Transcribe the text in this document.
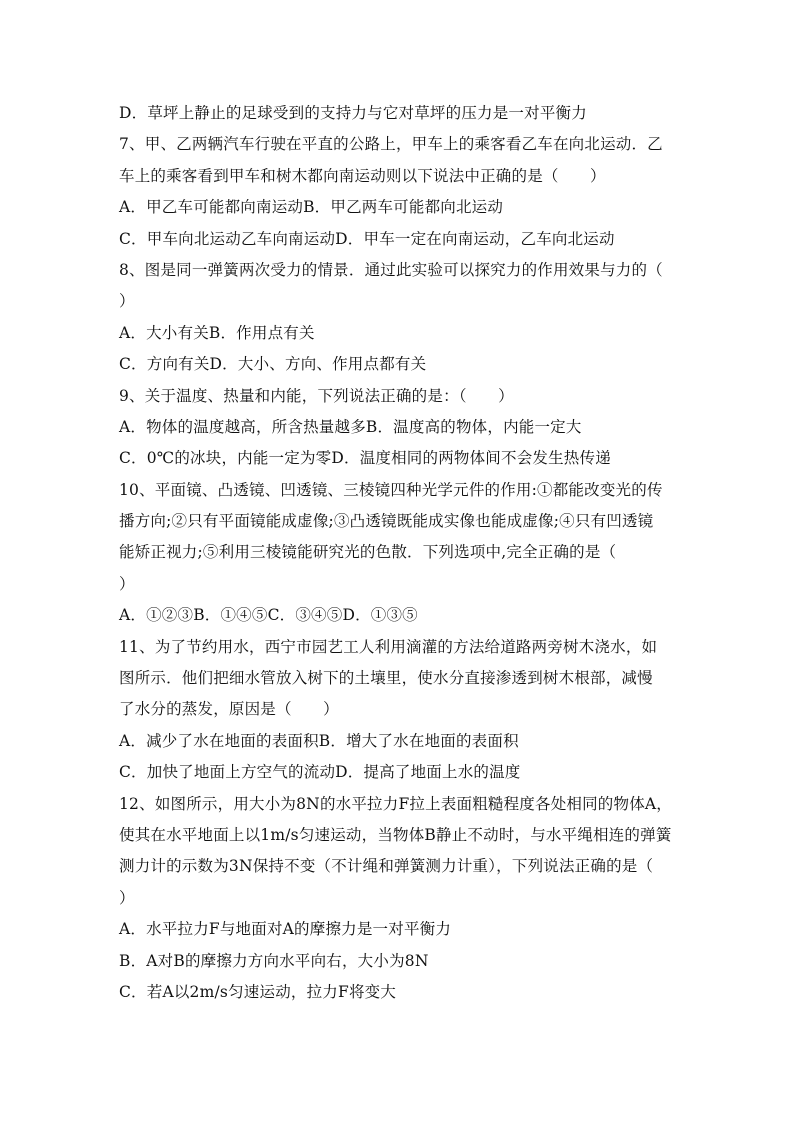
D．草坪上静止的足球受到的支持力与它对草坪的压力是一对平衡力
7、甲、乙两辆汽车行驶在平直的公路上，甲车上的乘客看乙车在向北运动．乙
车上的乘客看到甲车和树木都向南运动则以下说法中正确的是（　　）
A．甲乙车可能都向南运动B．甲乙两车可能都向北运动
C．甲车向北运动乙车向南运动D．甲车一定在向南运动，乙车向北运动
8、图是同一弹簧两次受力的情景．通过此实验可以探究力的作用效果与力的（
）
A．大小有关B．作用点有关
C．方向有关D．大小、方向、作用点都有关
9、关于温度、热量和内能，下列说法正确的是：（　　）
A．物体的温度越高，所含热量越多B．温度高的物体，内能一定大
C．0℃的冰块，内能一定为零D．温度相同的两物体间不会发生热传递
10、平面镜、凸透镜、凹透镜、三棱镜四种光学元件的作用:①都能改变光的传
播方向;②只有平面镜能成虚像;③凸透镜既能成实像也能成虚像;④只有凹透镜
能矫正视力;⑤利用三棱镜能研究光的色散．下列选项中,完全正确的是（
）
A．①②③B．①④⑤C．③④⑤D．①③⑤
11、为了节约用水，西宁市园艺工人利用滴灌的方法给道路两旁树木浇水，如
图所示．他们把细水管放入树下的土壤里，使水分直接渗透到树木根部，减慢
了水分的蒸发，原因是（　　）
A．减少了水在地面的表面积B．增大了水在地面的表面积
C．加快了地面上方空气的流动D．提高了地面上水的温度
12、如图所示，用大小为8N的水平拉力F拉上表面粗糙程度各处相同的物体A，
使其在水平地面上以1m/s匀速运动，当物体B静止不动时，与水平绳相连的弹簧
测力计的示数为3N保持不变（不计绳和弹簧测力计重），下列说法正确的是（
）
A．水平拉力F与地面对A的摩擦力是一对平衡力
B．A对B的摩擦力方向水平向右，大小为8N
C．若A以2m/s匀速运动，拉力F将变大
